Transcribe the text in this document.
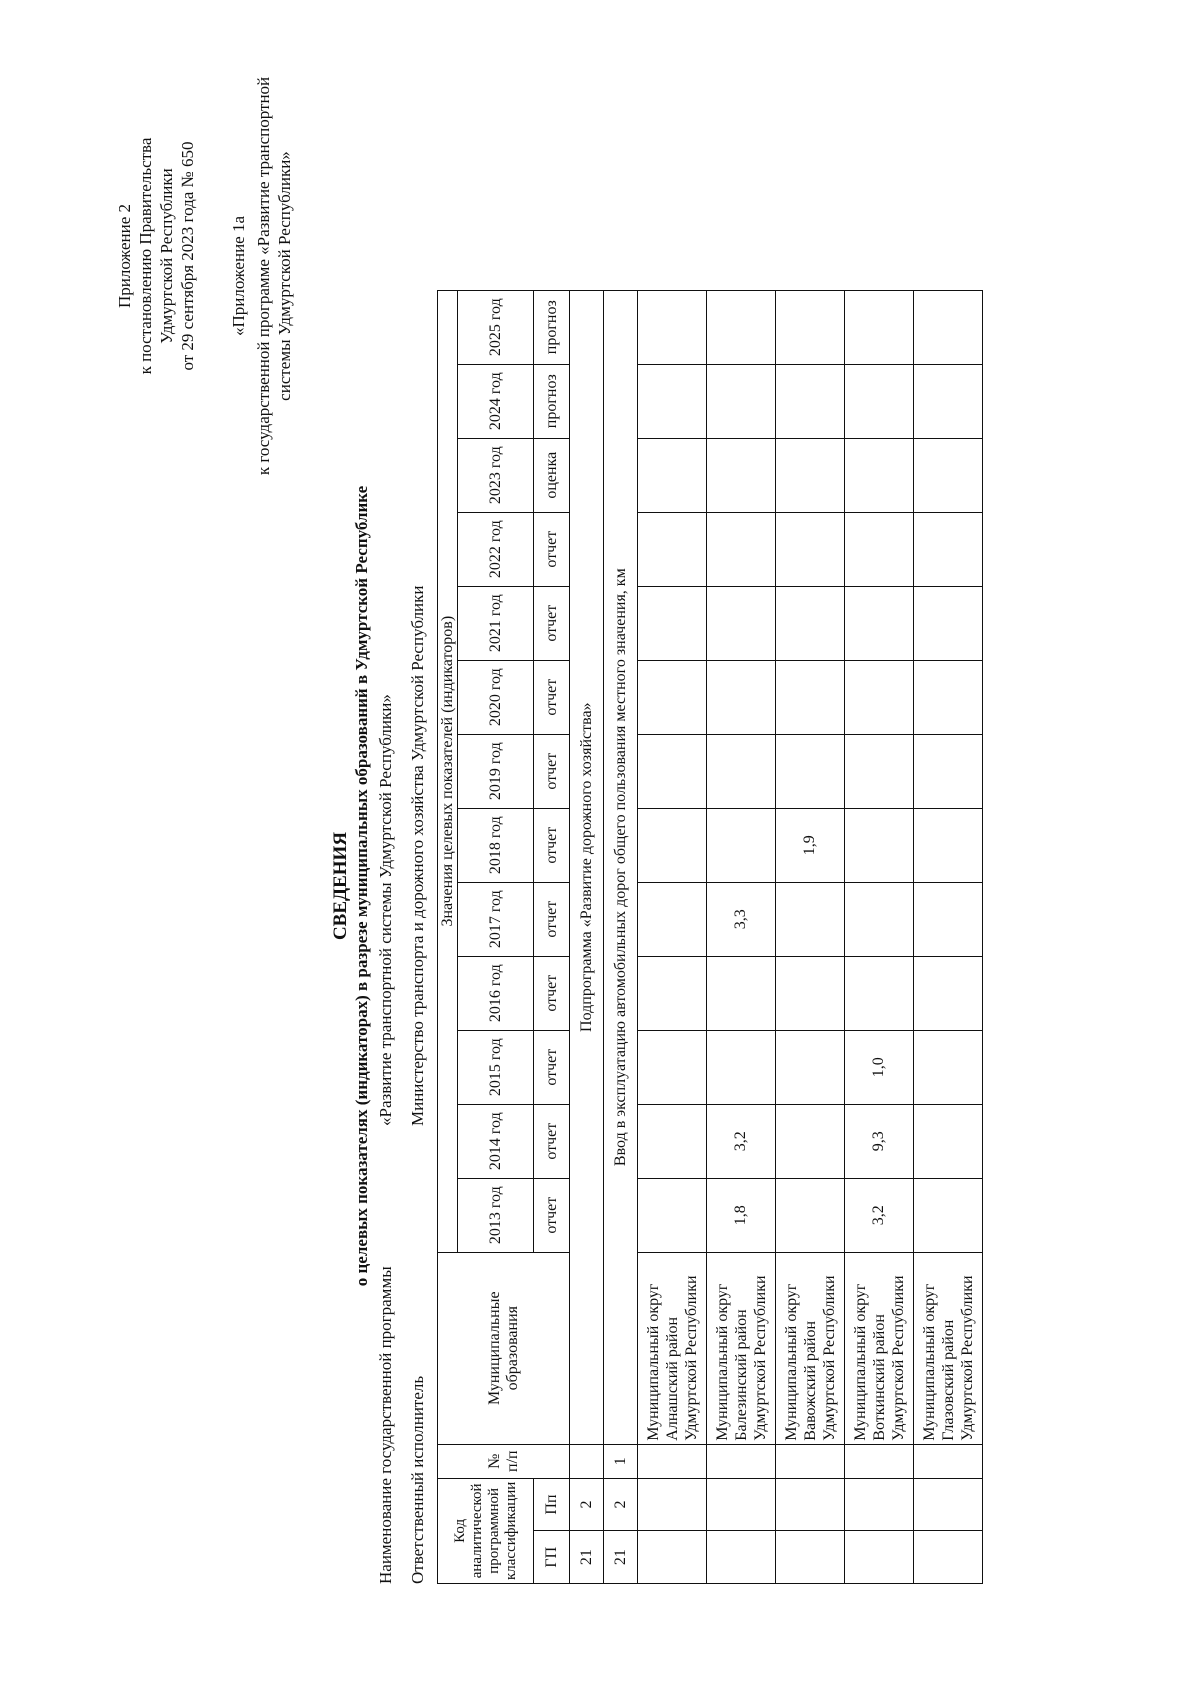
Приложение 2 к постановлению Правительства Удмуртской Республики от 29 сентября 2023 года № 650 «Приложение 1а к государственной программе «Развитие транспортной системы Удмуртской Республики»
СВЕДЕНИЯ о целевых показателях (индикаторах) в разрезе муниципальных образований в Удмуртской Республике
Наименование государственной программы
«Развитие транспортной системы Удмуртской Республики»
Ответственный исполнитель
Министерство транспорта и дорожного хозяйства Удмуртской Республики
Код аналитической программной классификации		№ п/п	Муниципальные образования	Значения целевых показателей (индикаторов)												
				2013 год	2014 год	2015 год	2016 год	2017 год	2018 год	2019 год	2020 год	2021 год	2022 год	2023 год	2024 год	2025 год
ГП	Пп			отчет	отчет	отчет	отчет	отчет	отчет	отчет	отчет	отчет	отчет	оценка	прогноз	прогноз
21	2		Подпрограмма «Развитие дорожного хозяйства»													
21	2	1	Ввод в эксплуатацию автомобильных дорог общего пользования местного значения, км													
			Муниципальный округ Алнашский район Удмуртской Республики													
			Муниципальный округ Балезинский район Удмуртской Республики	1,8	3,2			3,3								
			Муниципальный округ Вавожский район Удмуртской Республики						1,9							
			Муниципальный округ Воткинский район Удмуртской Республики	3,2	9,3	1,0										
			Муниципальный округ Глазовский район Удмуртской Республики													
